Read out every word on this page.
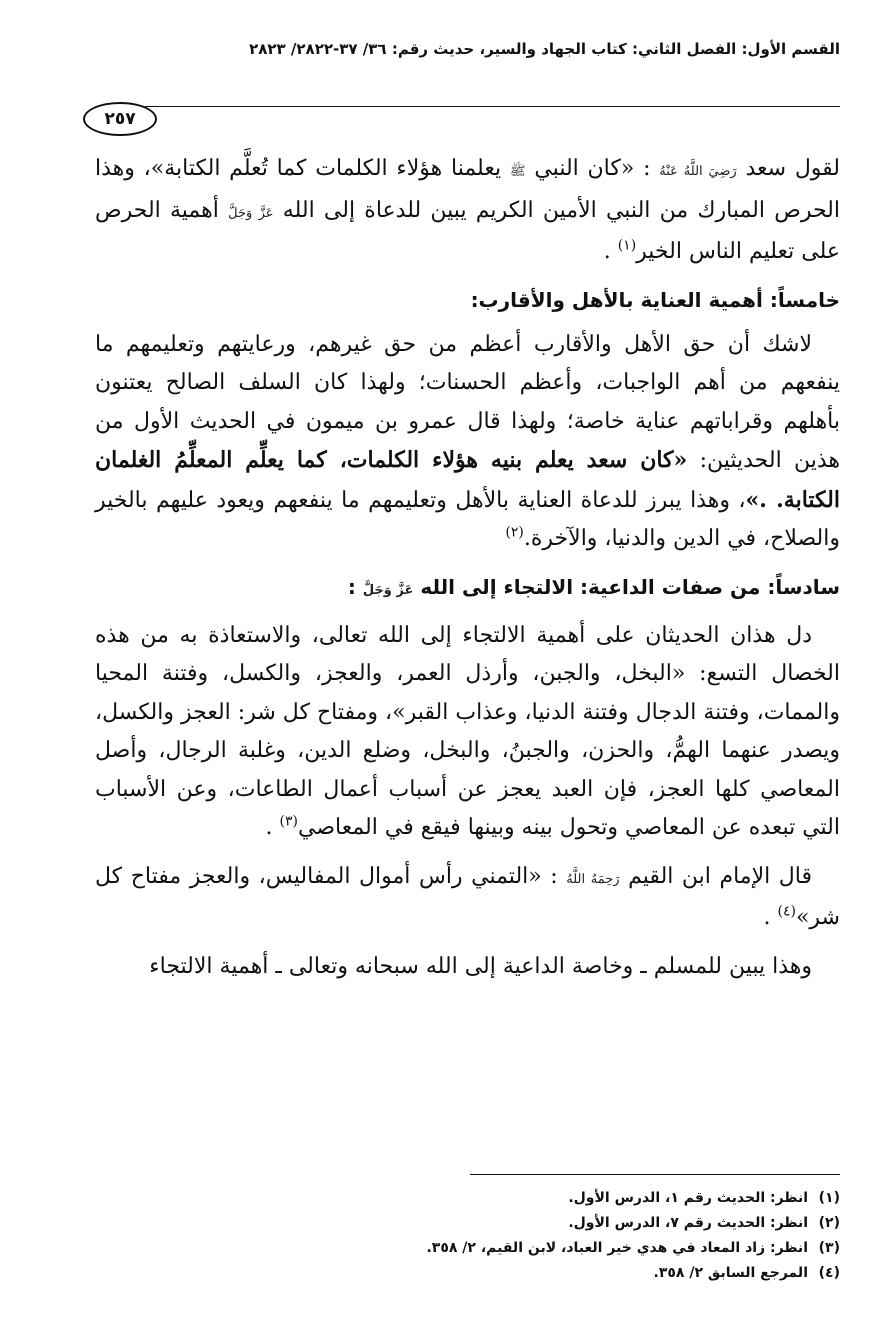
القسم الأول: الفصل الثاني: كتاب الجهاد والسير، حديث رقم: ٣٦/ ٣٧-٢٨٢٢/ ٢٨٢٣
٢٥٧

لقول سعد رَضِيَ اللَّهُ عَنْهُ : «كان النبي ﷺ يعلمنا هؤلاء الكلمات كما تُعلَّم الكتابة»، وهذا الحرص المبارك من النبي الأمين الكريم يبين للدعاة إلى الله عَزَّ وَجَلَّ أهمية الحرص على تعليم الناس الخير$^{(١)}$ .

خامساً: أهمية العناية بالأهل والأقارب:

لاشك أن حق الأهل والأقارب أعظم من حق غيرهم، ورعايتهم وتعليمهم ما ينفعهم من أهم الواجبات، وأعظم الحسنات؛ ولهذا كان السلف الصالح يعتنون بأهلهم وقراباتهم عناية خاصة؛ ولهذا قال عمرو بن ميمون في الحديث الأول من هذين الحديثين: «كان سعد يعلم بنيه هؤلاء الكلمات، كما يعلِّم المعلِّمُ الغلمان الكتابة. .»، وهذا يبرز للدعاة العناية بالأهل وتعليمهم ما ينفعهم ويعود عليهم بالخير والصلاح، في الدين والدنيا، والآخرة.$^{(٢)}$

سادساً: من صفات الداعية: الالتجاء إلى الله عَزَّ وَجَلَّ :

دل هذان الحديثان على أهمية الالتجاء إلى الله تعالى، والاستعاذة به من هذه الخصال التسع: «البخل، والجبن، وأرذل العمر، والعجز، والكسل، وفتنة المحيا والممات، وفتنة الدجال وفتنة الدنيا، وعذاب القبر»، ومفتاح كل شر: العجز والكسل، ويصدر عنهما الهمُّ، والحزن، والجبنُ، والبخل، وضلع الدين، وغلبة الرجال، وأصل المعاصي كلها العجز، فإن العبد يعجز عن أسباب أعمال الطاعات، وعن الأسباب التي تبعده عن المعاصي وتحول بينه وبينها فيقع في المعاصي$^{(٣)}$ .

قال الإمام ابن القيم رَحِمَهُ اللَّهُ : «التمني رأس أموال المفاليس، والعجز مفتاح كل شر»$^{(٤)}$ .

وهذا يبين للمسلم ـ وخاصة الداعية إلى الله سبحانه وتعالى ـ أهمية الالتجاء

(١)انظر: الحديث رقم ١، الدرس الأول.
(٢)انظر: الحديث رقم ٧، الدرس الأول.
(٣)انظر: زاد المعاد في هدي خير العباد، لابن القيم، ٢/ ٣٥٨.
(٤)المرجع السابق ٢/ ٣٥٨.
